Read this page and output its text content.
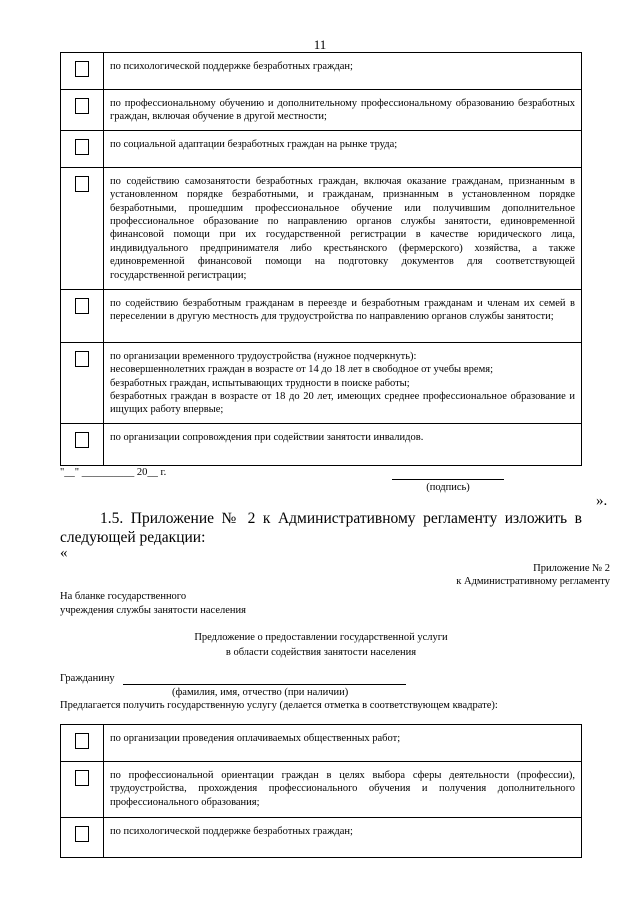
11

	по психологической поддержке безработных граждан;

	по профессиональному обучению и дополнительному профессиональному образованию безработных граждан, включая обучение в другой местности;

	по социальной адаптации безработных граждан на рынке труда;

	по содействию самозанятости безработных граждан, включая оказание гражданам, признанным в установленном порядке безработными, и гражданам, признанным в установленном порядке безработными, прошедшим профессиональное обучение или получившим дополнительное профессиональное образование по направлению органов службы занятости, единовременной финансовой помощи при их государственной регистрации в качестве юридического лица, индивидуального предпринимателя либо крестьянского (фермерского) хозяйства, а также единовременной финансовой помощи на подготовку документов для соответствующей государственной регистрации;

	по содействию безработным гражданам в переезде и безработным гражданам и членам их семей в переселении в другую местность для трудоустройства по направлению органов службы занятости;

	по организации временного трудоустройства (нужное подчеркнуть):
несовершеннолетних граждан в возрасте от 14 до 18 лет в свободное от учебы время;
безработных граждан, испытывающих трудности в поиске работы;
безработных граждан в возрасте от 18 до 20 лет, имеющих среднее профессиональное образование и ищущих работу впервые;

	по организации сопровождения при содействии занятости инвалидов.
"__" __________ 20__ г.
(подпись)
».
1.5. Приложение № 2 к Административному регламенту изложить в следующей редакции:
«
Приложение № 2
к Административному регламенту
На бланке государственного
учреждения службы занятости населения
Предложение о предоставлении государственной услуги
в области содействия занятости населения
Гражданину
(фамилия, имя, отчество (при наличии)
Предлагается получить государственную услугу (делается отметка в соответствующем квадрате):

	по организации проведения оплачиваемых общественных работ;

	по профессиональной ориентации граждан в целях выбора сферы деятельности (профессии), трудоустройства, прохождения профессионального обучения и получения дополнительного профессионального образования;

	по психологической поддержке безработных граждан;
